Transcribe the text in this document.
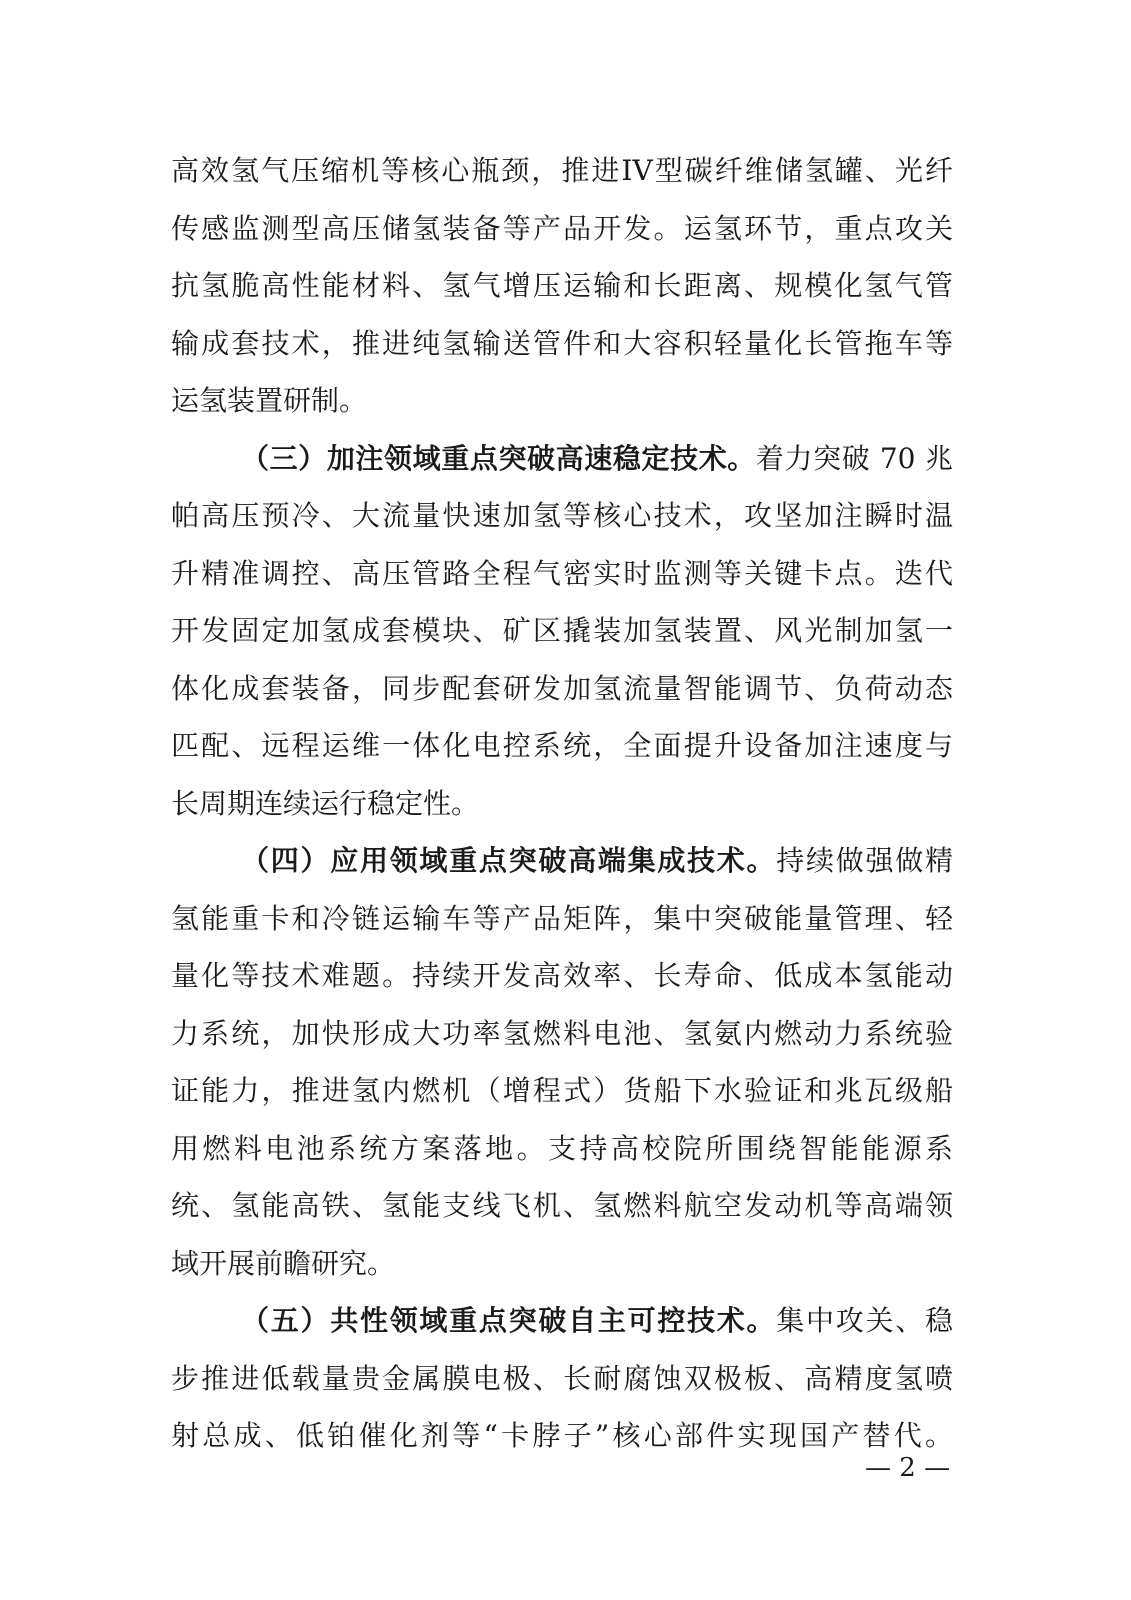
高效氢气压缩机等核心瓶颈，推进IV型碳纤维储氢罐、光纤
传感监测型高压储氢装备等产品开发。运氢环节，重点攻关
抗氢脆高性能材料、氢气增压运输和长距离、规模化氢气管
输成套技术，推进纯氢输送管件和大容积轻量化长管拖车等
运氢装置研制。
（三）加注领域重点突破高速稳定技术。着力突破 70 兆
帕高压预冷、大流量快速加氢等核心技术，攻坚加注瞬时温
升精准调控、高压管路全程气密实时监测等关键卡点。迭代
开发固定加氢成套模块、矿区撬装加氢装置、风光制加氢一
体化成套装备，同步配套研发加氢流量智能调节、负荷动态
匹配、远程运维一体化电控系统，全面提升设备加注速度与
长周期连续运行稳定性。
（四）应用领域重点突破高端集成技术。持续做强做精
氢能重卡和冷链运输车等产品矩阵，集中突破能量管理、轻
量化等技术难题。持续开发高效率、长寿命、低成本氢能动
力系统，加快形成大功率氢燃料电池、氢氨内燃动力系统验
证能力，推进氢内燃机（增程式）货船下水验证和兆瓦级船
用燃料电池系统方案落地。支持高校院所围绕智能能源系
统、氢能高铁、氢能支线飞机、氢燃料航空发动机等高端领
域开展前瞻研究。
（五）共性领域重点突破自主可控技术。集中攻关、稳
步推进低载量贵金属膜电极、长耐腐蚀双极板、高精度氢喷
射总成、低铂催化剂等“卡脖子”核心部件实现国产替代。
— 2 —
